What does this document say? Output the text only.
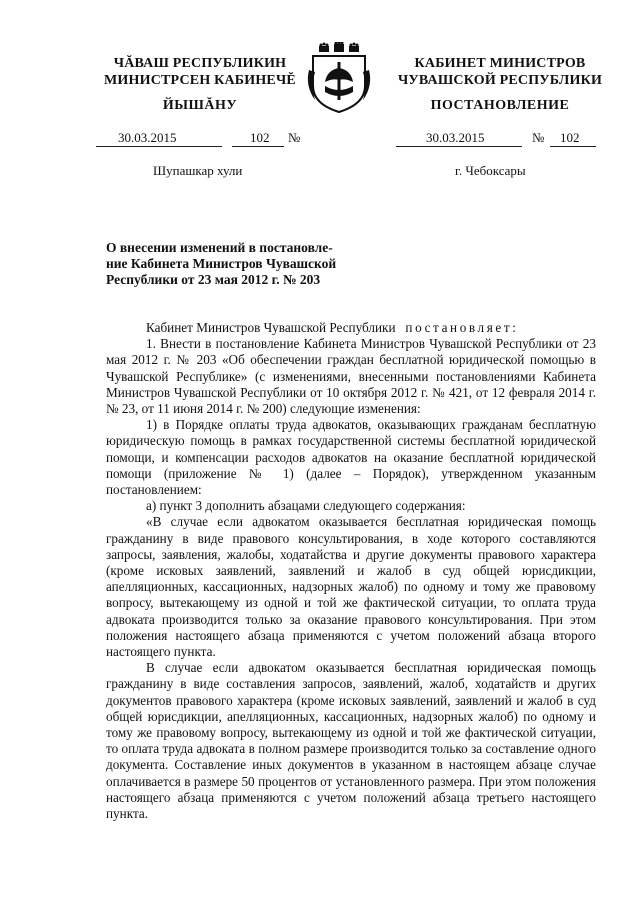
ЧĂВАШ РЕСПУБЛИКИН
МИНИСТРСЕН КАБИНЕЧĚ
ЙЫШĂНУ
КАБИНЕТ МИНИСТРОВ
ЧУВАШСКОЙ РЕСПУБЛИКИ
ПОСТАНОВЛЕНИЕ
30.03.2015	102 №	30.03.2015	№ 102
Шупашкар хули	г. Чебоксары
О внесении изменений в постановле-
ние Кабинета Министров Чувашской
Республики от 23 мая 2012 г. № 203

Кабинет Министров Чувашской Республики постановляет:

1. Внести в постановление Кабинета Министров Чувашской Республики от 23 мая 2012 г. № 203 «Об обеспечении граждан бесплатной юридической помощью в Чувашской Республике» (с изменениями, внесенными постановлениями Кабинета Министров Чувашской Республики от 10 октября 2012 г. № 421, от 12 февраля 2014 г. № 23, от 11 июня 2014 г. № 200) следующие изменения:

1) в Порядке оплаты труда адвокатов, оказывающих гражданам бесплатную юридическую помощь в рамках государственной системы бесплатной юридической помощи, и компенсации расходов адвокатов на оказание бесплатной юридической помощи (приложение № 1) (далее – Порядок), утвержденном указанным постановлением:

а) пункт 3 дополнить абзацами следующего содержания:

«В случае если адвокатом оказывается бесплатная юридическая помощь гражданину в виде правового консультирования, в ходе которого составляются запросы, заявления, жалобы, ходатайства и другие документы правового характера (кроме исковых заявлений, заявлений и жалоб в суд общей юрисдикции, апелляционных, кассационных, надзорных жалоб) по одному и тому же правовому вопросу, вытекающему из одной и той же фактической ситуации, то оплата труда адвоката производится только за оказание правового консультирования. При этом положения настоящего абзаца применяются с учетом положений абзаца второго настоящего пункта.

В случае если адвокатом оказывается бесплатная юридическая помощь гражданину в виде составления запросов, заявлений, жалоб, ходатайств и других документов правового характера (кроме исковых заявлений, заявлений и жалоб в суд общей юрисдикции, апелляционных, кассационных, надзорных жалоб) по одному и тому же правовому вопросу, вытекающему из одной и той же фактической ситуации, то оплата труда адвоката в полном размере производится только за составление одного документа. Составление иных документов в указанном в настоящем абзаце случае оплачивается в размере 50 процентов от установленного размера. При этом положения настоящего абзаца применяются с учетом положений абзаца третьего настоящего пункта.
